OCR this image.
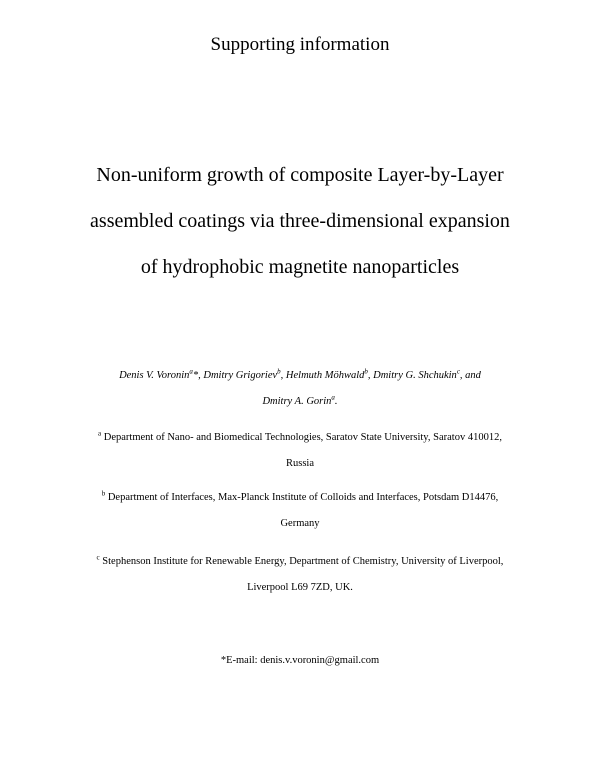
Supporting information
Non-uniform growth of composite Layer-by-Layer
assembled coatings via three-dimensional expansion
of hydrophobic magnetite nanoparticles
Denis V. Voronin$^a$*, Dmitry Grigoriev$^b$, Helmuth Möhwald$^b$, Dmitry G. Shchukin$^c$, and
Dmitry A. Gorin$^a$.
$^a$ Department of Nano- and Biomedical Technologies, Saratov State University, Saratov 410012,
Russia
$^b$ Department of Interfaces, Max-Planck Institute of Colloids and Interfaces, Potsdam D14476,
Germany
$^c$ Stephenson Institute for Renewable Energy, Department of Chemistry, University of Liverpool,
Liverpool L69 7ZD, UK.
*E-mail: denis.v.voronin@gmail.com
